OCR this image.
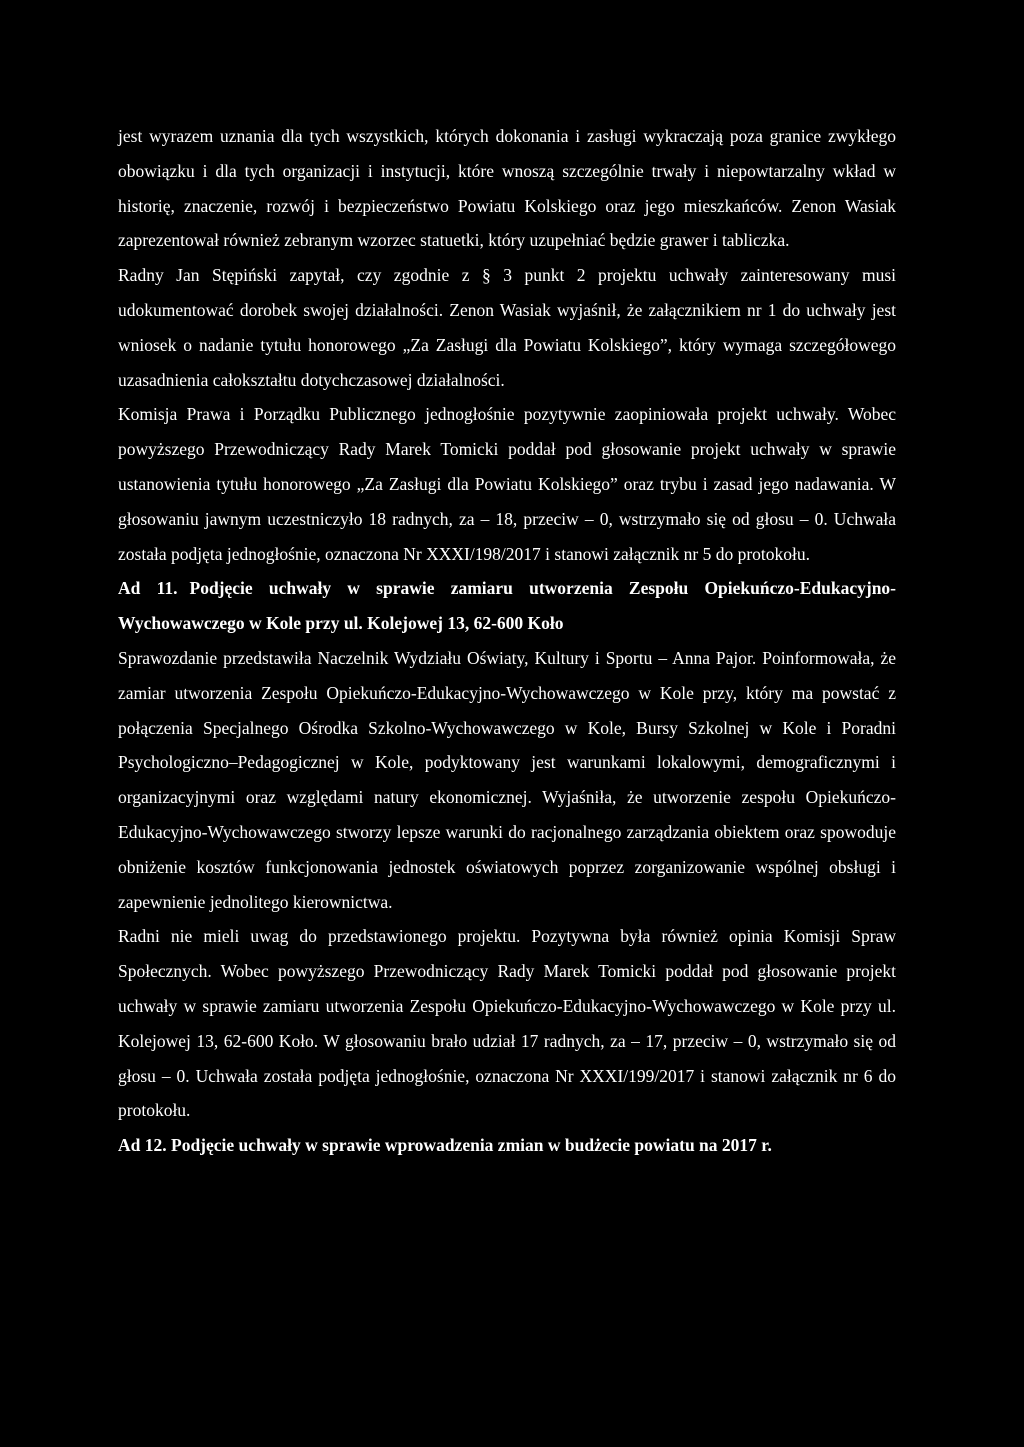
jest wyrazem uznania dla tych wszystkich, których dokonania i zasługi wykraczają poza granice zwykłego obowiązku i dla tych organizacji i instytucji, które wnoszą szczególnie trwały i niepowtarzalny wkład w historię, znaczenie, rozwój i bezpieczeństwo Powiatu Kolskiego oraz jego mieszkańców. Zenon Wasiak zaprezentował również zebranym wzorzec statuetki, który uzupełniać będzie grawer i tabliczka.

Radny Jan Stępiński zapytał, czy zgodnie z § 3 punkt 2 projektu uchwały zainteresowany musi udokumentować dorobek swojej działalności. Zenon Wasiak wyjaśnił, że załącznikiem nr 1 do uchwały jest wniosek o nadanie tytułu honorowego „Za Zasługi dla Powiatu Kolskiego”, który wymaga szczegółowego uzasadnienia całokształtu dotychczasowej działalności.

Komisja Prawa i Porządku Publicznego jednogłośnie pozytywnie zaopiniowała projekt uchwały. Wobec powyższego Przewodniczący Rady Marek Tomicki poddał pod głosowanie projekt uchwały w sprawie ustanowienia tytułu honorowego „Za Zasługi dla Powiatu Kolskiego” oraz trybu i zasad jego nadawania. W głosowaniu jawnym uczestniczyło 18 radnych, za – 18, przeciw – 0, wstrzymało się od głosu – 0. Uchwała została podjęta jednogłośnie, oznaczona Nr XXXI/198/2017 i stanowi załącznik nr 5 do protokołu.

Ad 11. Podjęcie uchwały w sprawie zamiaru utworzenia Zespołu Opiekuńczo-Edukacyjno-Wychowawczego w Kole przy ul. Kolejowej 13, 62-600 Koło

Sprawozdanie przedstawiła Naczelnik Wydziału Oświaty, Kultury i Sportu – Anna Pajor. Poinformowała, że zamiar utworzenia Zespołu Opiekuńczo-Edukacyjno-Wychowawczego w Kole przy, który ma powstać z połączenia Specjalnego Ośrodka Szkolno-Wychowawczego w Kole, Bursy Szkolnej w Kole i Poradni Psychologiczno–Pedagogicznej w Kole, podyktowany jest warunkami lokalowymi, demograficznymi i organizacyjnymi oraz względami natury ekonomicznej. Wyjaśniła, że utworzenie zespołu Opiekuńczo-Edukacyjno-Wychowawczego stworzy lepsze warunki do racjonalnego zarządzania obiektem oraz spowoduje obniżenie kosztów funkcjonowania jednostek oświatowych poprzez zorganizowanie wspólnej obsługi i zapewnienie jednolitego kierownictwa.

Radni nie mieli uwag do przedstawionego projektu. Pozytywna była również opinia Komisji Spraw Społecznych. Wobec powyższego Przewodniczący Rady Marek Tomicki poddał pod głosowanie projekt uchwały w sprawie zamiaru utworzenia Zespołu Opiekuńczo-Edukacyjno-Wychowawczego w Kole przy ul. Kolejowej 13, 62-600 Koło. W głosowaniu brało udział 17 radnych, za – 17, przeciw – 0, wstrzymało się od głosu – 0. Uchwała została podjęta jednogłośnie, oznaczona Nr XXXI/199/2017 i stanowi załącznik nr 6 do protokołu.

Ad 12. Podjęcie uchwały w sprawie wprowadzenia zmian w budżecie powiatu na 2017 r.
